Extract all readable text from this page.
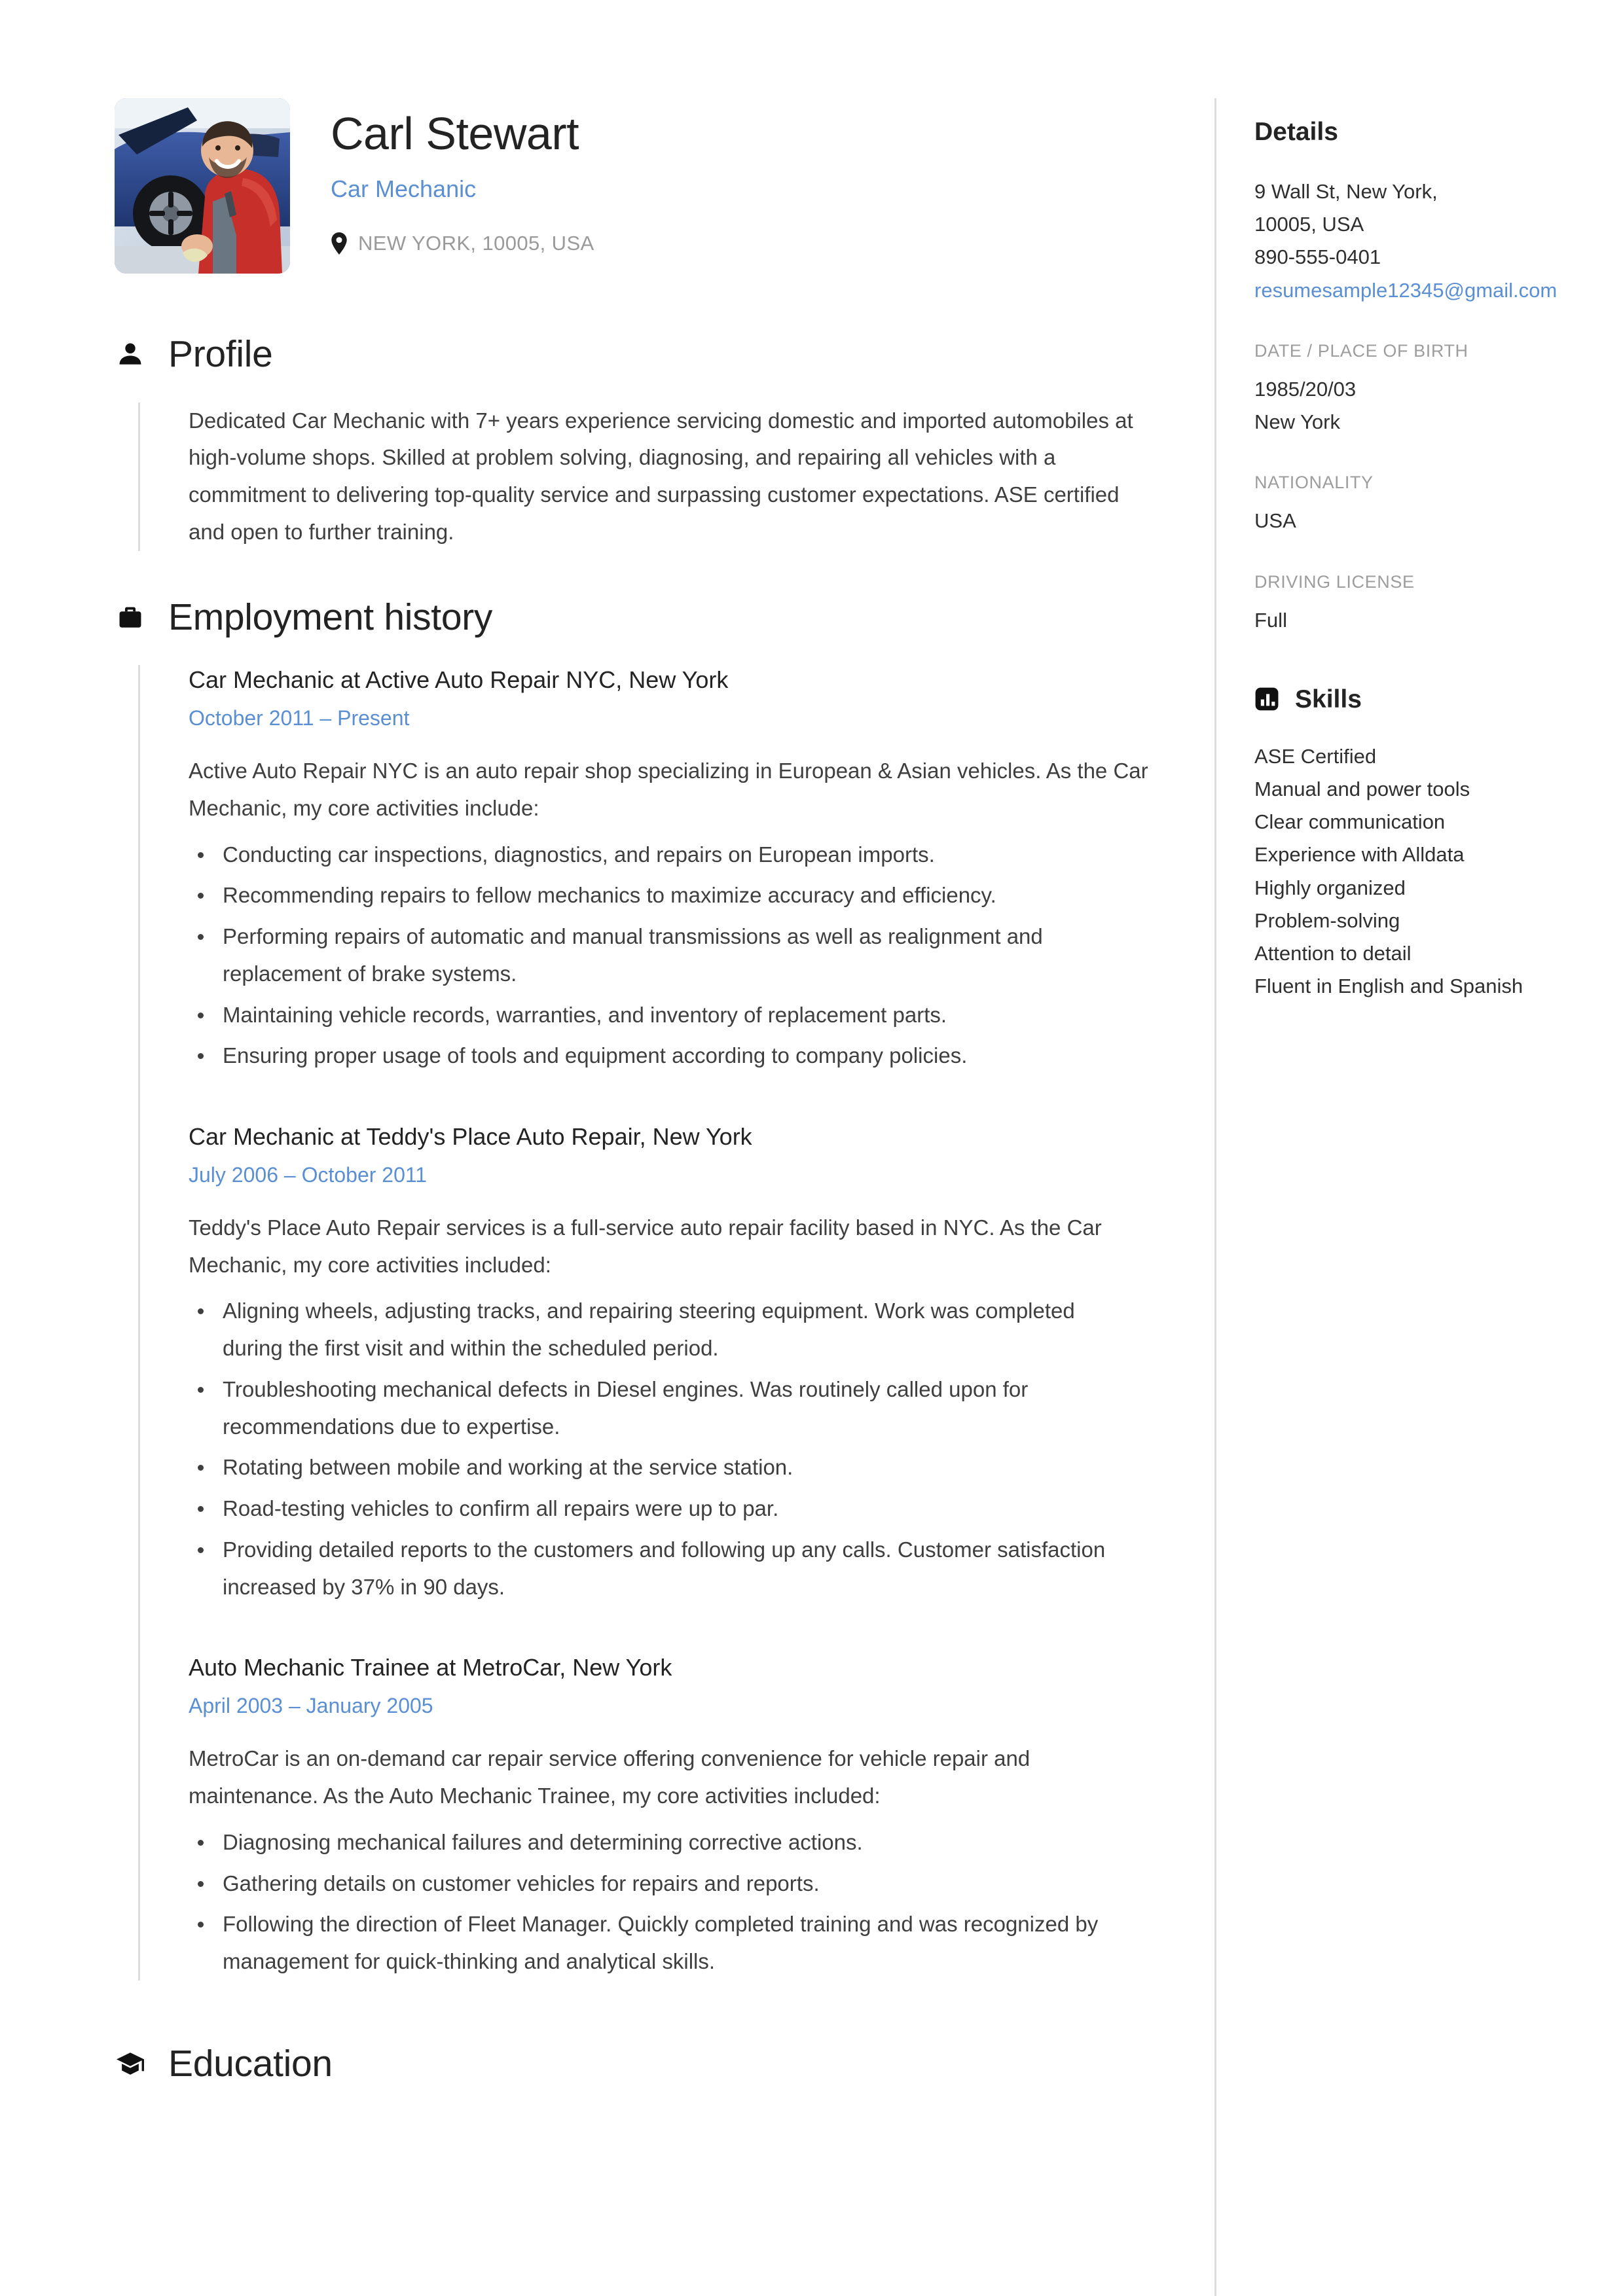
Carl Stewart
Car Mechanic
NEW YORK, 10005, USA
Profile

Dedicated Car Mechanic with 7+ years experience servicing domestic and imported automobiles at high-volume shops. Skilled at problem solving, diagnosing, and repairing all vehicles with a commitment to delivering top-quality service and surpassing customer expectations. ASE certified and open to further training.

Employment history
Car Mechanic at Active Auto Repair NYC, New York
October 2011 – Present

Active Auto Repair NYC is an auto repair shop specializing in European & Asian vehicles. As the Car Mechanic, my core activities include:

Conducting car inspections, diagnostics, and repairs on European imports.
Recommending repairs to fellow mechanics to maximize accuracy and efficiency.
Performing repairs of automatic and manual transmissions as well as realignment and replacement of brake systems.
Maintaining vehicle records, warranties, and inventory of replacement parts.
Ensuring proper usage of tools and equipment according to company policies.
Car Mechanic at Teddy's Place Auto Repair, New York
July 2006 – October 2011

Teddy's Place Auto Repair services is a full-service auto repair facility based in NYC. As the Car Mechanic, my core activities included:

Aligning wheels, adjusting tracks, and repairing steering equipment. Work was completed during the first visit and within the scheduled period.
Troubleshooting mechanical defects in Diesel engines. Was routinely called upon for recommendations due to expertise.
Rotating between mobile and working at the service station.
Road-testing vehicles to confirm all repairs were up to par.
Providing detailed reports to the customers and following up any calls. Customer satisfaction increased by 37% in 90 days.
Auto Mechanic Trainee at MetroCar, New York
April 2003 – January 2005

MetroCar is an on-demand car repair service offering convenience for vehicle repair and maintenance. As the Auto Mechanic Trainee, my core activities included:

Diagnosing mechanical failures and determining corrective actions.
Gathering details on customer vehicles for repairs and reports.
Following the direction of Fleet Manager. Quickly completed training and was recognized by management for quick-thinking and analytical skills.
Education
Details
9 Wall St, New York,
10005, USA
890-555-0401
resumesample12345@gmail.com
DATE / PLACE OF BIRTH
1985/20/03
New York
NATIONALITY
USA
DRIVING LICENSE
Full
Skills
ASE Certified
Manual and power tools
Clear communication
Experience with Alldata
Highly organized
Problem-solving
Attention to detail
Fluent in English and Spanish
